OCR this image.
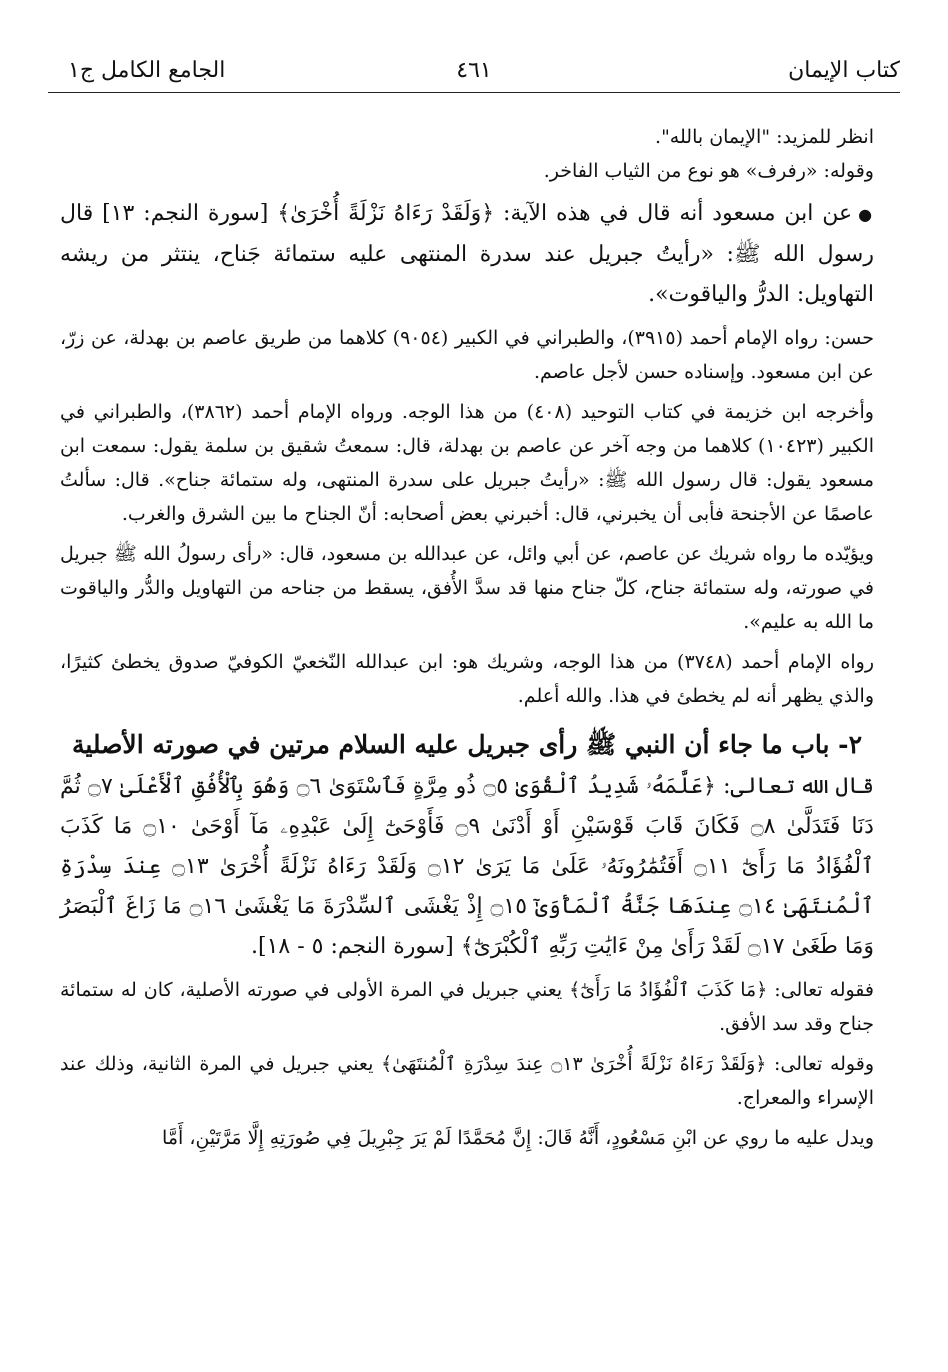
كتاب الإيمان
٤٦١
الجامع الكامل ج١

انظر للمزيد: "الإيمان بالله".

وقوله: «رفرف» هو نوع من الثياب الفاخر.

●عن ابن مسعود أنه قال في هذه الآية: ﴿وَلَقَدْ رَءَاهُ نَزْلَةً أُخْرَىٰ﴾ [سورة النجم: ١٣] قال رسول الله ﷺ: «رأيتُ جبريل عند سدرة المنتهى عليه ستمائة جَناح، ينتثر من ريشه التهاويل: الدرُّ والياقوت».

حسن: رواه الإمام أحمد (٣٩١٥)، والطبراني في الكبير (٩٠٥٤) كلاهما من طريق عاصم بن بهدلة، عن زرّ، عن ابن مسعود. وإسناده حسن لأجل عاصم.

وأخرجه ابن خزيمة في كتاب التوحيد (٤٠٨) من هذا الوجه. ورواه الإمام أحمد (٣٨٦٢)، والطبراني في الكبير (١٠٤٢٣) كلاهما من وجه آخر عن عاصم بن بهدلة، قال: سمعتُ شقيق بن سلمة يقول: سمعت ابن مسعود يقول: قال رسول الله ﷺ: «رأيتُ جبريل على سدرة المنتهى، وله ستمائة جناح». قال: سألتُ عاصمًا عن الأجنحة فأبى أن يخبرني، قال: أخبرني بعض أصحابه: أنّ الجناح ما بين الشرق والغرب.

ويؤيّده ما رواه شريك عن عاصم، عن أبي وائل، عن عبدالله بن مسعود، قال: «رأى رسولُ الله ﷺ جبريل في صورته، وله ستمائة جناح، كلّ جناح منها قد سدَّ الأُفق، يسقط من جناحه من التهاويل والدُّر والياقوت ما الله به عليم».

رواه الإمام أحمد (٣٧٤٨) من هذا الوجه، وشريك هو: ابن عبدالله النّخعيّ الكوفيّ صدوق يخطئ كثيرًا، والذي يظهر أنه لم يخطئ في هذا. والله أعلم.

٢- باب ما جاء أن النبي ﷺ رأى جبريل عليه السلام مرتين في صورته الأصلية

قال الله تعالى: ﴿عَلَّمَهُۥ شَدِيدُ ٱلْقُوَىٰ ۝٥ ذُو مِرَّةٍ فَٱسْتَوَىٰ ۝٦ وَهُوَ بِٱلْأُفُقِ ٱلْأَعْلَىٰ ۝٧ ثُمَّ دَنَا فَتَدَلَّىٰ ۝٨ فَكَانَ قَابَ قَوْسَيْنِ أَوْ أَدْنَىٰ ۝٩ فَأَوْحَىٰٓ إِلَىٰ عَبْدِهِۦ مَآ أَوْحَىٰ ۝١٠ مَا كَذَبَ ٱلْفُؤَادُ مَا رَأَىٰٓ ۝١١ أَفَتُمَٰرُونَهُۥ عَلَىٰ مَا يَرَىٰ ۝١٢ وَلَقَدْ رَءَاهُ نَزْلَةً أُخْرَىٰ ۝١٣ عِندَ سِدْرَةِ ٱلْمُنتَهَىٰ ۝١٤ عِندَهَا جَنَّةُ ٱلْمَأْوَىٰٓ ۝١٥ إِذْ يَغْشَى ٱلسِّدْرَةَ مَا يَغْشَىٰ ۝١٦ مَا زَاغَ ٱلْبَصَرُ وَمَا طَغَىٰ ۝١٧ لَقَدْ رَأَىٰ مِنْ ءَايَٰتِ رَبِّهِ ٱلْكُبْرَىٰٓ﴾ [سورة النجم: ٥ - ١٨].

فقوله تعالى: ﴿مَا كَذَبَ ٱلْفُؤَادُ مَا رَأَىٰٓ﴾ يعني جبريل في المرة الأولى في صورته الأصلية، كان له ستمائة جناح وقد سد الأفق.

وقوله تعالى: ﴿وَلَقَدْ رَءَاهُ نَزْلَةً أُخْرَىٰ ۝١٣ عِندَ سِدْرَةِ ٱلْمُنتَهَىٰ﴾ يعني جبريل في المرة الثانية، وذلك عند الإسراء والمعراج.

ويدل عليه ما روي عن ابْنِ مَسْعُودٍ، أَنَّهُ قَالَ: إِنَّ مُحَمَّدًا لَمْ يَرَ جِبْرِيلَ فِي صُورَتِهِ إِلَّا مَرَّتَيْنِ، أَمَّا
